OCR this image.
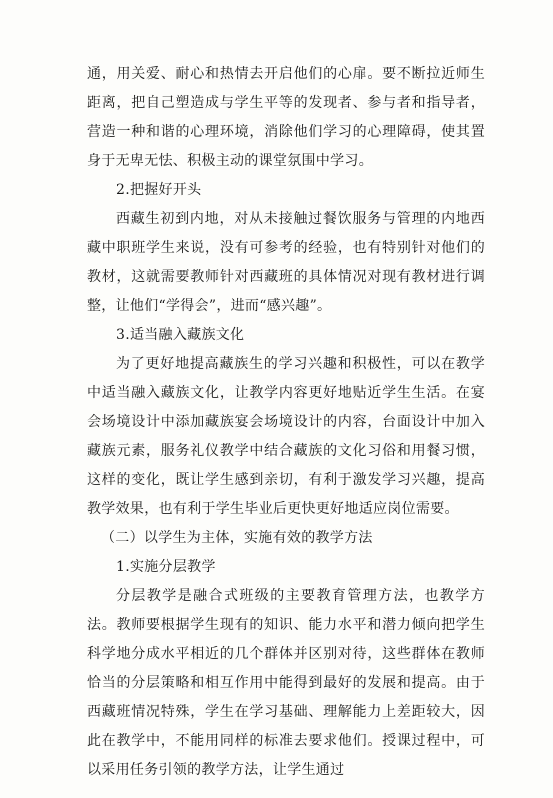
通，用关爱、耐心和热情去开启他们的心扉。要不断拉近师生距离，把自己塑造成与学生平等的发现者、参与者和指导者，营造一种和谐的心理环境，消除他们学习的心理障碍，使其置身于无卑无怯、积极主动的课堂氛围中学习。

2.把握好开头

西藏生初到内地，对从未接触过餐饮服务与管理的内地西藏中职班学生来说，没有可参考的经验，也有特别针对他们的教材，这就需要教师针对西藏班的具体情况对现有教材进行调整，让他们“学得会”，进而“感兴趣”。

3.适当融入藏族文化

为了更好地提高藏族生的学习兴趣和积极性，可以在教学中适当融入藏族文化，让教学内容更好地贴近学生生活。在宴会场境设计中添加藏族宴会场境设计的内容，台面设计中加入藏族元素，服务礼仪教学中结合藏族的文化习俗和用餐习惯，这样的变化，既让学生感到亲切，有利于激发学习兴趣，提高教学效果，也有利于学生毕业后更快更好地适应岗位需要。

（二）以学生为主体，实施有效的教学方法

1.实施分层教学

分层教学是融合式班级的主要教育管理方法，也教学方法。教师要根据学生现有的知识、能力水平和潜力倾向把学生科学地分成水平相近的几个群体并区别对待，这些群体在教师恰当的分层策略和相互作用中能得到最好的发展和提高。由于西藏班情况特殊，学生在学习基础、理解能力上差距较大，因此在教学中，不能用同样的标准去要求他们。授课过程中，可以采用任务引领的教学方法，让学生通过
